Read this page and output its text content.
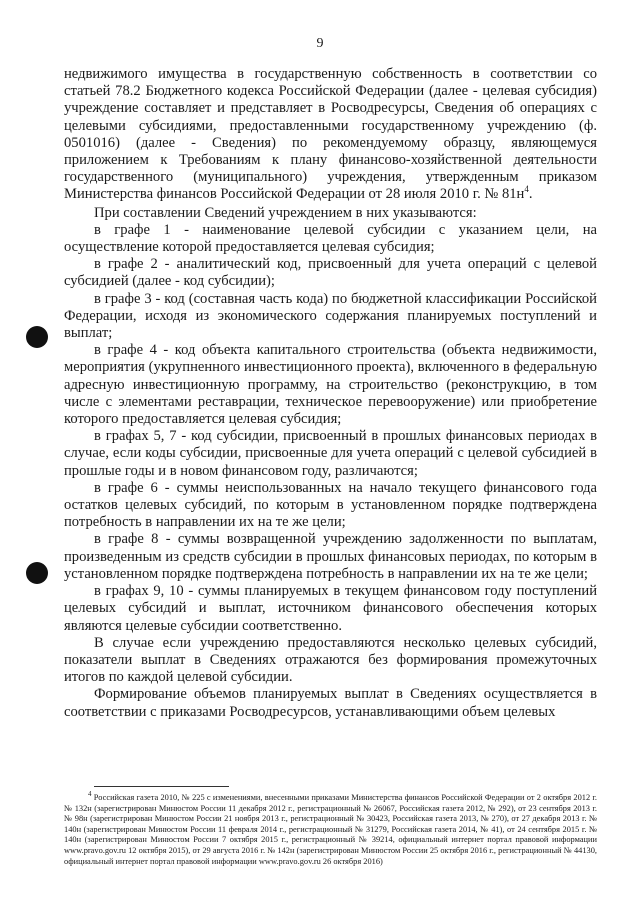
9

недвижимого имущества в государственную собственность в соответствии со статьей 78.2 Бюджетного кодекса Российской Федерации (далее - целевая субсидия) учреждение составляет и представляет в Росводресурсы, Сведения об операциях с целевыми субсидиями, предоставленными государственному учреждению (ф. 0501016) (далее - Сведения) по рекомендуемому образцу, являющемуся приложением к Требованиям к плану финансово-хозяйственной деятельности государственного (муниципального) учреждения, утвержденным приказом Министерства финансов Российской Федерации от 28 июля 2010 г. № $81н^4$.

При составлении Сведений учреждением в них указываются:

в графе 1 - наименование целевой субсидии с указанием цели, на осуществление которой предоставляется целевая субсидия;

в графе 2 - аналитический код, присвоенный для учета операций с целевой субсидией (далее - код субсидии);

в графе 3 - код (составная часть кода) по бюджетной классификации Российской Федерации, исходя из экономического содержания планируемых поступлений и выплат;

в графе 4 - код объекта капитального строительства (объекта недвижимости, мероприятия (укрупненного инвестиционного проекта), включенного в федеральную адресную инвестиционную программу, на строительство (реконструкцию, в том числе с элементами реставрации, техническое перевооружение) или приобретение которого предоставляется целевая субсидия;

в графах 5, 7 - код субсидии, присвоенный в прошлых финансовых периодах в случае, если коды субсидии, присвоенные для учета операций с целевой субсидией в прошлые годы и в новом финансовом году, различаются;

в графе 6 - суммы неиспользованных на начало текущего финансового года остатков целевых субсидий, по которым в установленном порядке подтверждена потребность в направлении их на те же цели;

в графе 8 - суммы возвращенной учреждению задолженности по выплатам, произведенным из средств субсидии в прошлых финансовых периодах, по которым в установленном порядке подтверждена потребность в направлении их на те же цели;

в графах 9, 10 - суммы планируемых в текущем финансовом году поступлений целевых субсидий и выплат, источником финансового обеспечения которых являются целевые субсидии соответственно.

В случае если учреждению предоставляются несколько целевых субсидий, показатели выплат в Сведениях отражаются без формирования промежуточных итогов по каждой целевой субсидии.

Формирование объемов планируемых выплат в Сведениях осуществляется в соответствии с приказами Росводресурсов, устанавливающими объем целевых

$^4$ Российская газета 2010, № 225 с изменениями, внесенными приказами Министерства финансов Российской Федерации от 2 октября 2012 г.№ 132н (зарегистрирован Минюстом России 11 декабря 2012 г., регистрационный № 26067, Российская газета 2012, № 292), от 23 сентября 2013 г. № 98н (зарегистрирован Минюстом России 21 ноября 2013 г., регистрационный № 30423, Российская газета 2013, № 270), от 27 декабря 2013 г. № 140н (зарегистрирован Минюстом России 11 февраля 2014 г., регистрационный № 31279, Российская газета 2014, № 41), от 24 сентября 2015 г. № 140н (зарегистрирован Минюстом России 7 октября 2015 г., регистрационный № 39214, официальный интернет портал правовой информации www.pravo.gov.ru 12 октября 2015), от 29 августа 2016 г. № 142н (зарегистрирован Минюстом России 25 октября 2016 г., регистрационный № 44130, официальный интернет портал правовой информации www.pravo.gov.ru 26 октября 2016)
